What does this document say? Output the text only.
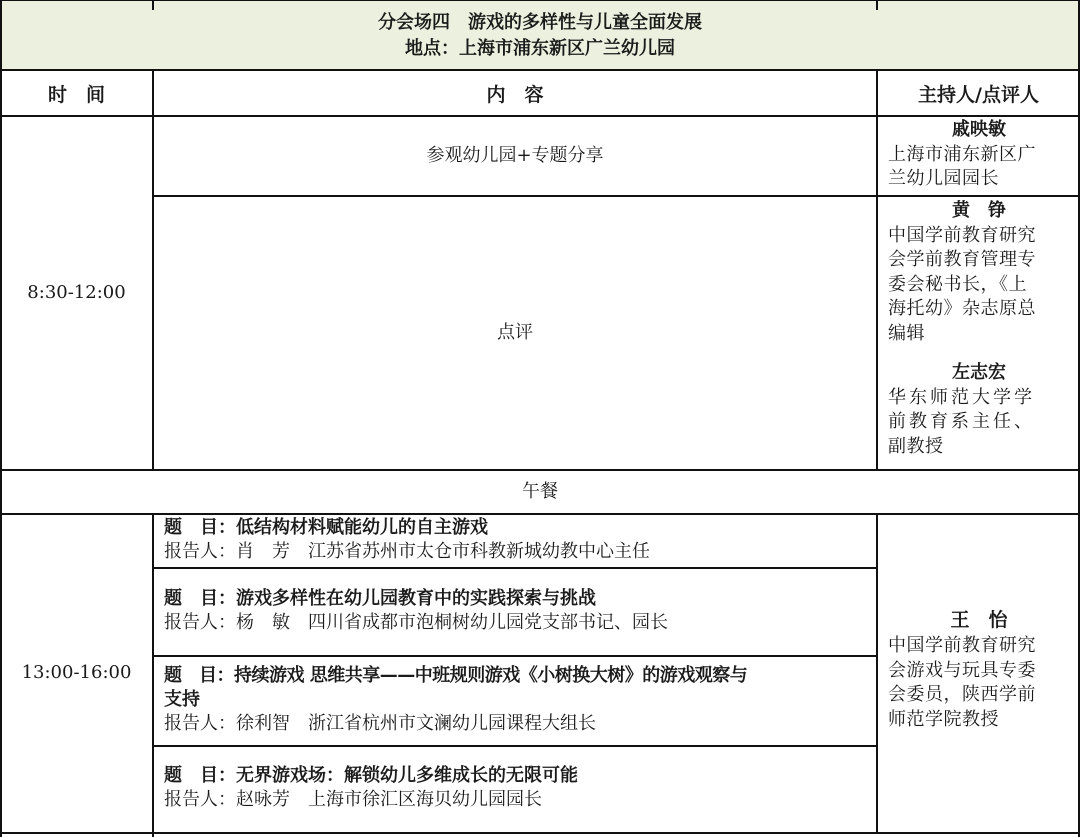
分会场四　游戏的多样性与儿童全面发展
地点：上海市浦东新区广兰幼儿园
时　间	内　容	主持人/点评人
8:30-12:00
参观幼儿园+专题分享
点评
戚映敏
上海市浦东新区广
兰幼儿园园长
黄　铮
中国学前教育研究
会学前教育管理专
委会秘书长，《上
海托幼》杂志原总
编辑
左志宏
华东师范大学学
前教育系主任、
副教授
午餐
13:00-16:00
题　目：低结构材料赋能幼儿的自主游戏
报告人：肖　芳　江苏省苏州市太仓市科教新城幼教中心主任
题　目：游戏多样性在幼儿园教育中的实践探索与挑战
报告人：杨　敏　四川省成都市泡桐树幼儿园党支部书记、园长
题　目：持续游戏 思维共享——中班规则游戏《小树换大树》的游戏观察与
支持
报告人：徐利智　浙江省杭州市文澜幼儿园课程大组长
题　目：无界游戏场：解锁幼儿多维成长的无限可能
报告人：赵咏芳　上海市徐汇区海贝幼儿园园长
王　怡
中国学前教育研究
会游戏与玩具专委
会委员，陕西学前
师范学院教授
